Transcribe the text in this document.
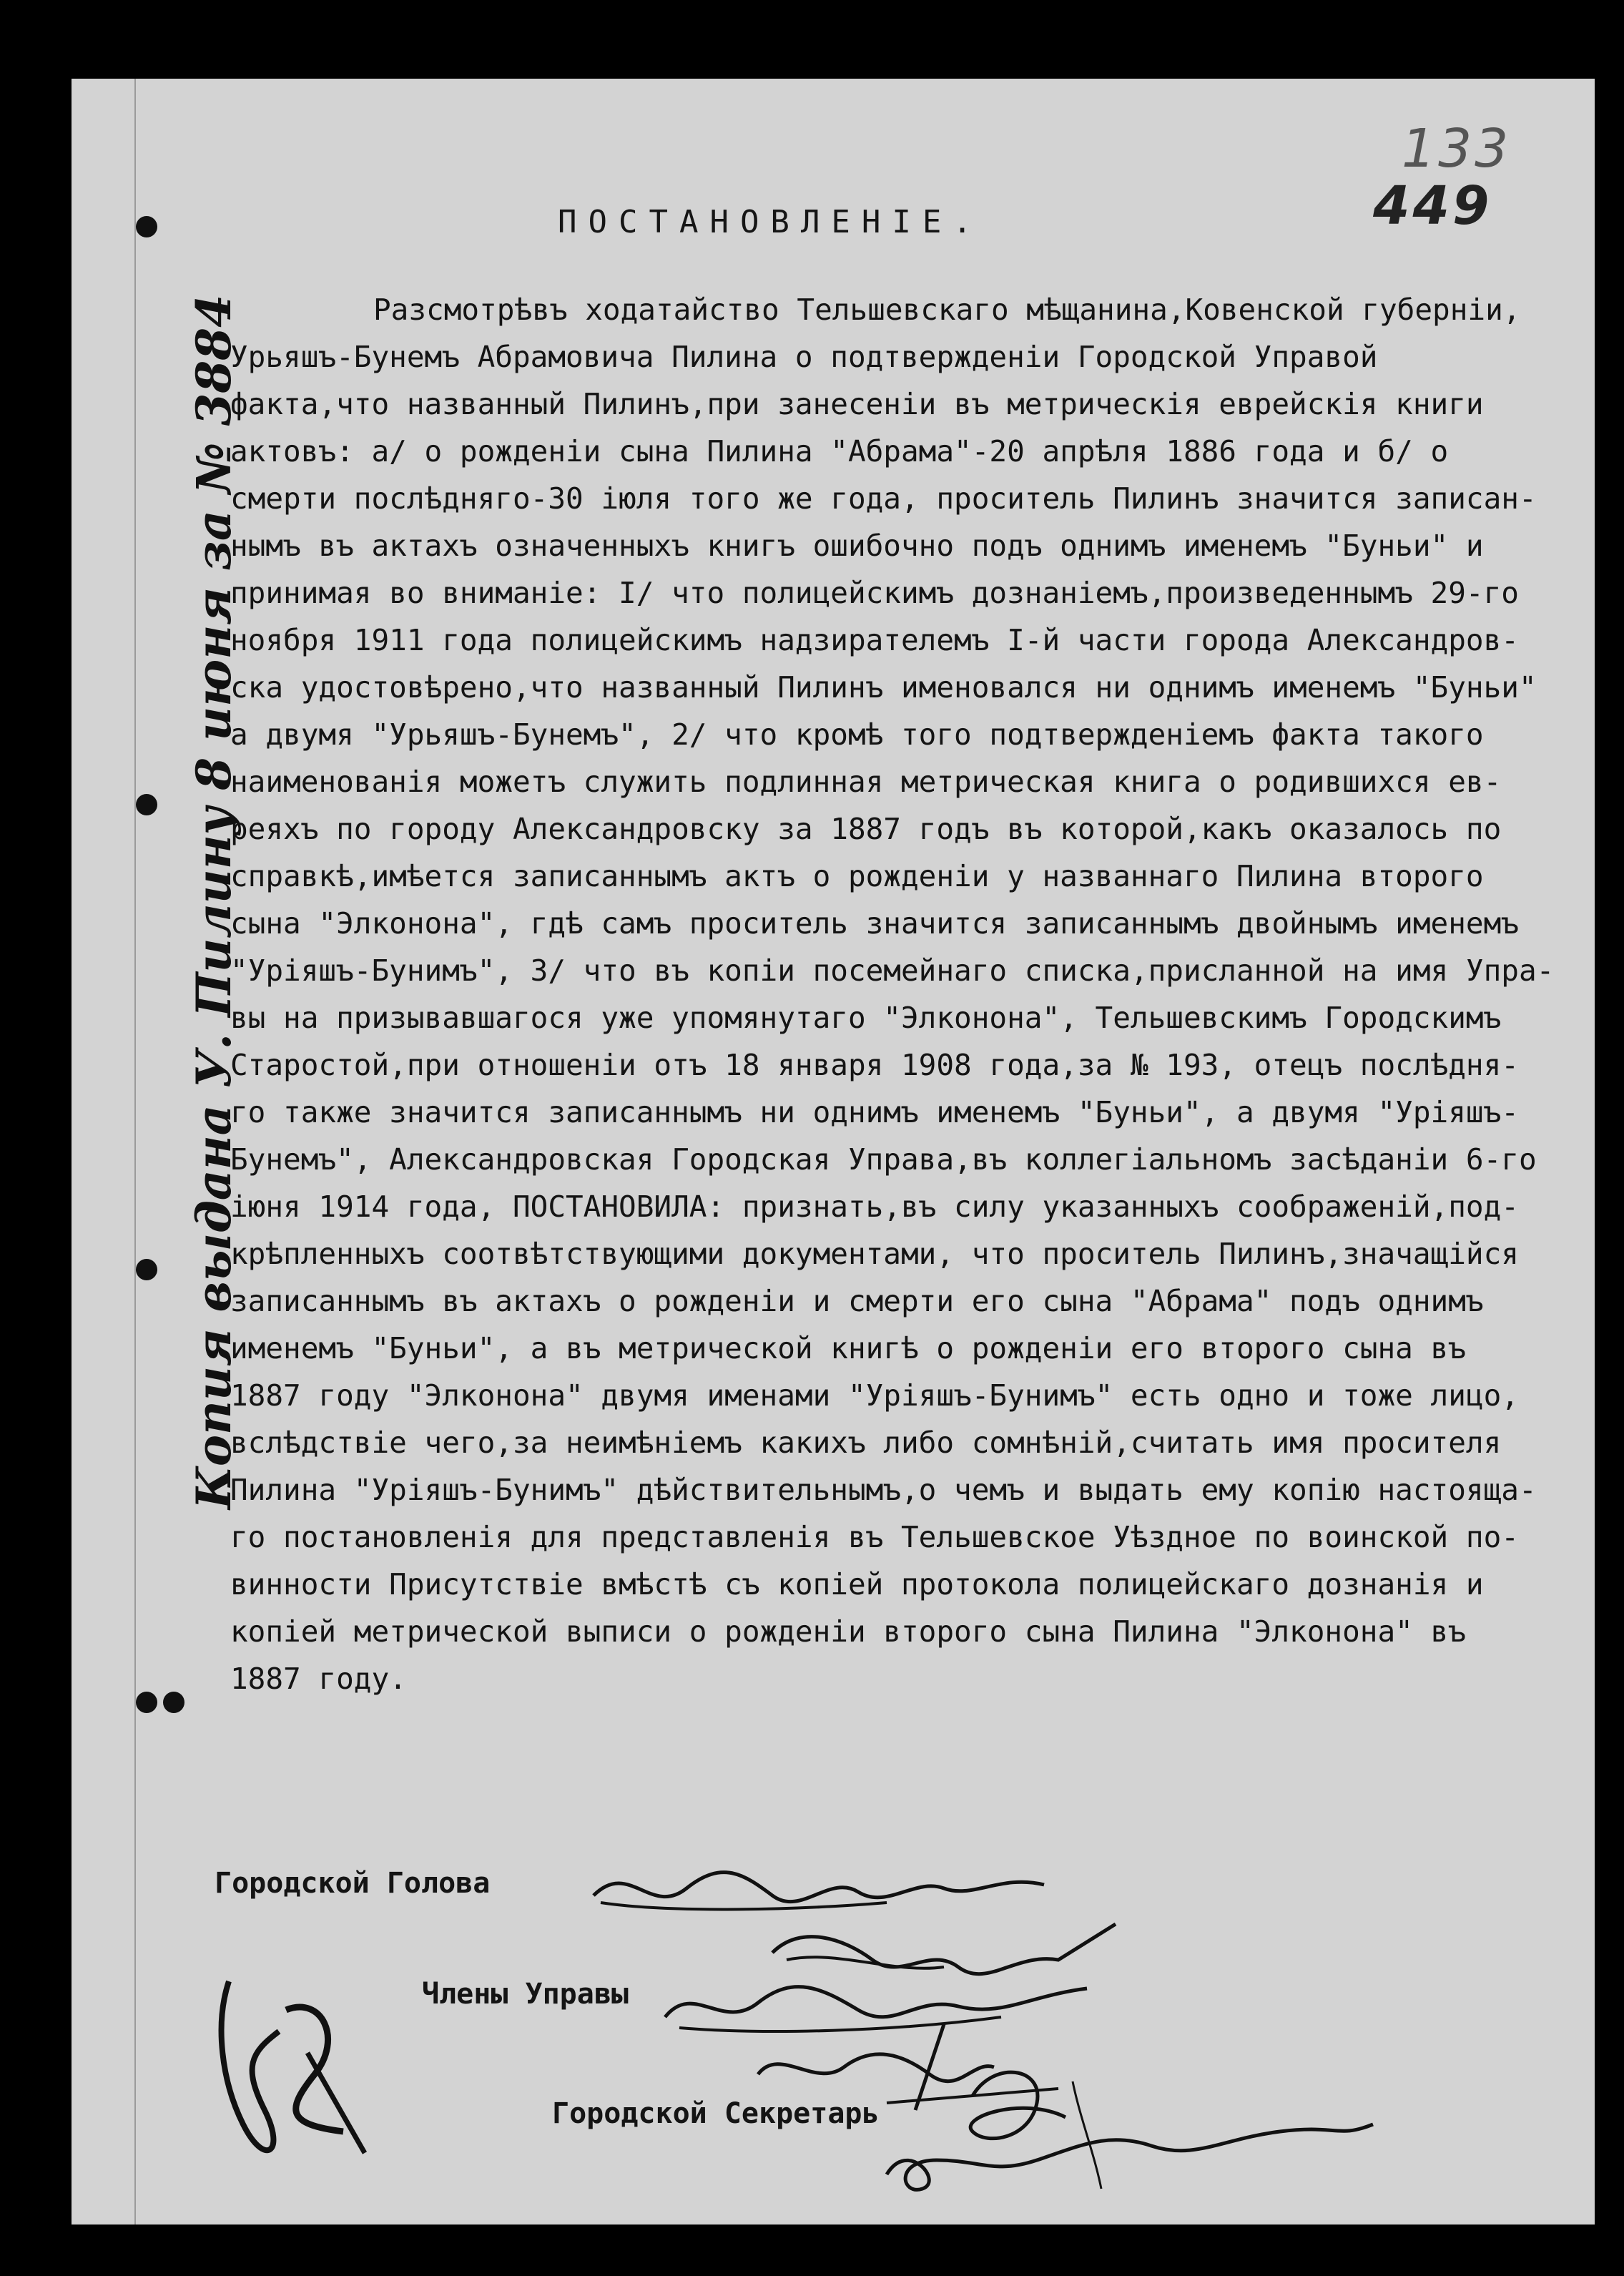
133
449
Копия выдана У. Пилину 8 июня за № 3884
ПОСТАНОВЛЕНІЕ.
Разсмотрѣвъ ходатайство Тельшевскаго мѣщанина,Ковенской губерніи,
Урьяшъ-Бунемъ Абрамовича Пилина о подтвержденіи Городской Управой
факта,что названный Пилинъ,при занесеніи въ метрическія еврейскія книги
актовъ: а/ о рожденіи сына Пилина "Абрама"-20 апрѣля 1886 года и б/ о
смерти послѣдняго-30 іюля того же года, проситель Пилинъ значится записан-
нымъ въ актахъ означенныхъ книгъ ошибочно подъ однимъ именемъ "Буньи" и
принимая во вниманіе: І/ что полицейскимъ дознаніемъ,произведеннымъ 29-го
ноября 1911 года полицейскимъ надзирателемъ І-й части города Александров-
ска удостовѣрено,что названный Пилинъ именовался ни однимъ именемъ "Буньи"
а двумя "Урьяшъ-Бунемъ", 2/ что кромѣ того подтвержденіемъ факта такого
наименованія можетъ служить подлинная метрическая книга о родившихся ев-
реяхъ по городу Александровску за 1887 годъ въ которой,какъ оказалось по
справкѣ,имѣется записаннымъ актъ о рожденіи у названнаго Пилина второго
сына "Элконона", гдѣ самъ проситель значится записаннымъ двойнымъ именемъ
"Уріяшъ-Бунимъ", 3/ что въ копіи посемейнаго списка,присланной на имя Упра-
вы на призывавшагося уже упомянутаго "Элконона", Тельшевскимъ Городскимъ
Старостой,при отношеніи отъ 18 января 1908 года,за № 193, отецъ послѣдня-
го также значится записаннымъ ни однимъ именемъ "Буньи", а двумя "Уріяшъ-
Бунемъ", Александровская Городская Управа,въ коллегіальномъ засѣданіи 6-го
іюня 1914 года, ПОСТАНОВИЛА: признать,въ силу указанныхъ соображеній,под-
крѣпленныхъ соотвѣтствующими документами, что проситель Пилинъ,значащійся
записаннымъ въ актахъ о рожденіи и смерти его сына "Абрама" подъ однимъ
именемъ "Буньи", а въ метрической книгѣ о рожденіи его второго сына въ
1887 году "Элконона" двумя именами "Уріяшъ-Бунимъ" есть одно и тоже лицо,
вслѣдствіе чего,за неимѣніемъ какихъ либо сомнѣній,считать имя просителя
Пилина "Уріяшъ-Бунимъ" дѣйствительнымъ,о чемъ и выдать ему копію настояща-
го постановленія для представленія въ Тельшевское Уѣздное по воинской по-
винности Присутствіе вмѣстѣ съ копіей протокола полицейскаго дознанія и
копіей метрической выписи о рожденіи второго сына Пилина "Элконона" въ
1887 году.
Городской Голова
Члены Управы
Городской Секретарь
